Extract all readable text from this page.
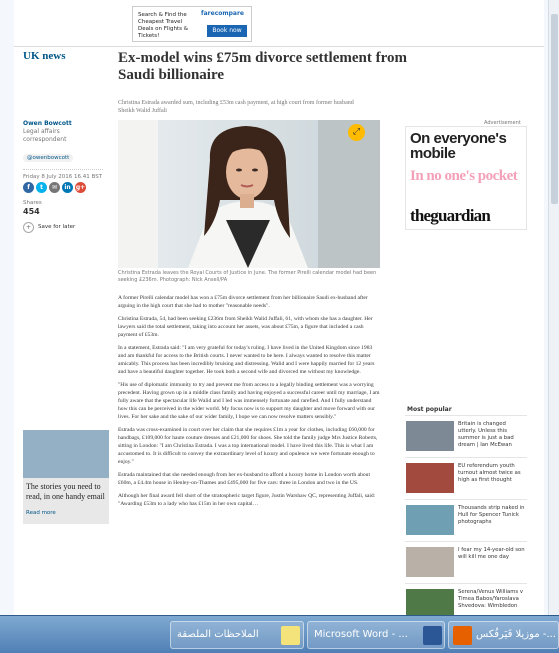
Search & Find the Cheapest Travel Deals on Flights & Tickets!
farecompare
Book now
UK news	Ex-model wins £75m divorce settlement from Saudi billionaire
Christina Estrada awarded sum, including £53m cash payment, at high court from former husband Sheikh Walid Juffali
Owen Bowcott
Legal affairs correspondent
@owenbowcott
Friday 8 July 2016 16.41 BST
f	t	✉	in g+
Shares
454
+	Save for later
⤢
Christina Estrada leaves the Royal Courts of Justice in June. The former Pirelli calendar model had been seeking £236m. Photograph: Nick Ansell/PA

A former Pirelli calendar model has won a £75m divorce settlement from her billionaire Saudi ex-husband after arguing in the high court that she had to mother "reasonable needs".

Christina Estrada, 54, had been seeking £236m from Sheikh Walid Juffali, 61, with whom she has a daughter. Her lawyers said the total settlement, taking into account her assets, was about £75m, a figure that included a cash payment of £53m.

In a statement, Estrada said: "I am very grateful for today's ruling. I have lived in the United Kingdom since 1983 and am thankful for access to the British courts. I never wanted to be here. I always wanted to resolve this matter amicably. This process has been incredibly bruising and distressing. Walid and I were happily married for 12 years and have a beautiful daughter together. He took both a second wife and divorced me without my knowledge.

"His use of diplomatic immunity to try and prevent me from access to a legally binding settlement was a worrying precedent. Having grown up in a middle class family and having enjoyed a successful career until my marriage, I am fully aware that the spectacular life Walid and I led was immensely fortunate and rarefied. And I fully understand how this can be perceived in the wider world. My focus now is to support my daughter and move forward with our lives. For her sake and the sake of our wider family, I hope we can now resolve matters sensibly."

Estrada was cross-examined in court over her claim that she requires £1m a year for clothes, including £60,000 for handbags, £109,000 for haute couture dresses and £21,000 for shoes. She told the family judge Mrs Justice Roberts, sitting in London: "I am Christina Estrada. I was a top international model. I have lived this life. This is what I am accustomed to. It is difficult to convey the extraordinary level of luxury and opulence we were fortunate enough to enjoy."

Estrada maintained that she needed enough from her ex-husband to afford a luxury home in London worth about £60m, a £4.4m house in Henley-on-Thames and £495,000 for five cars: three in London and two in the US.

Although her final award fell short of the stratospheric target figure, Justin Warshaw QC, representing Juffali, said: "Awarding £53m to a lady who has £15m in her own capital…

Advertisement
On everyone's mobile
In no one's pocket
theguardian
Most popular
Britain is changed utterly. Unless this summer is just a bad dream | Ian McEwan
EU referendum youth turnout almost twice as high as first thought
Thousands strip naked in Hull for Spencer Tunick photographs
I fear my 14-year-old son will kill me one day
Serena/Venus Williams v Timea Babos/Yaroslava Shvedova: Wimbledon
The stories you need to read, in one handy email
Read more
موزيلا فَيَرفُكس -...
Microsoft Word - ...
الملاحظات الملصقة
